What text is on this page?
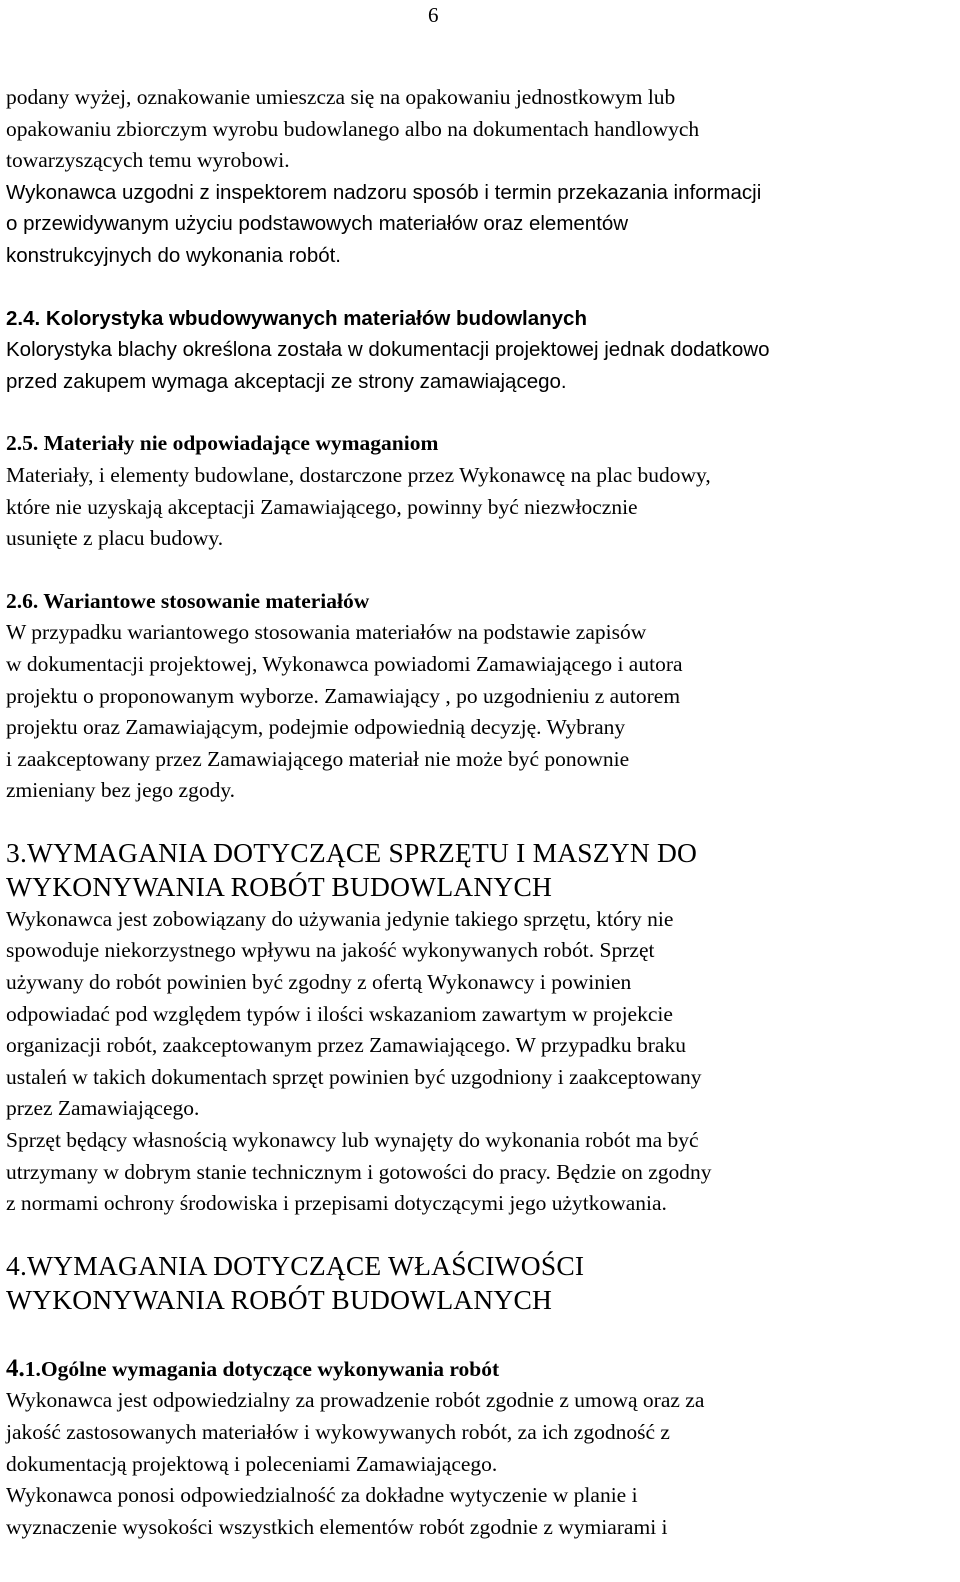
6

podany wyżej, oznakowanie umieszcza się na opakowaniu jednostkowym lub
opakowaniu zbiorczym wyrobu budowlanego albo na dokumentach handlowych
towarzyszących temu wyrobowi.

Wykonawca uzgodni z inspektorem nadzoru sposób i termin przekazania informacji
o przewidywanym użyciu podstawowych materiałów oraz elementów
konstrukcyjnych do wykonania robót.

2.4. Kolorystyka wbudowywanych materiałów budowlanych

Kolorystyka blachy określona została w dokumentacji projektowej jednak dodatkowo
przed zakupem wymaga akceptacji ze strony zamawiającego.

2.5. Materiały nie odpowiadające wymaganiom

Materiały, i elementy budowlane, dostarczone przez Wykonawcę na plac budowy,
które nie uzyskają akceptacji Zamawiającego, powinny być niezwłocznie
usunięte z placu budowy.

2.6. Wariantowe stosowanie materiałów

W przypadku wariantowego stosowania materiałów na podstawie zapisów
w dokumentacji projektowej, Wykonawca powiadomi Zamawiającego i autora
projektu o proponowanym wyborze. Zamawiający , po uzgodnieniu z autorem
projektu oraz Zamawiającym, podejmie odpowiednią decyzję. Wybrany
i zaakceptowany przez Zamawiającego materiał nie może być ponownie
zmieniany bez jego zgody.

3.WYMAGANIA DOTYCZĄCE SPRZĘTU I MASZYN DO
WYKONYWANIA ROBÓT BUDOWLANYCH

Wykonawca jest zobowiązany do używania jedynie takiego sprzętu, który nie
spowoduje niekorzystnego wpływu na jakość wykonywanych robót. Sprzęt
używany do robót powinien być zgodny z ofertą Wykonawcy i powinien
odpowiadać pod względem typów i ilości wskazaniom zawartym w projekcie
organizacji robót, zaakceptowanym przez Zamawiającego. W przypadku braku
ustaleń w takich dokumentach sprzęt powinien być uzgodniony i zaakceptowany
przez Zamawiającego.
Sprzęt będący własnością wykonawcy lub wynajęty do wykonania robót ma być
utrzymany w dobrym stanie technicznym i gotowości do pracy. Będzie on zgodny
z normami ochrony środowiska i przepisami dotyczącymi jego użytkowania.

4.WYMAGANIA DOTYCZĄCE WŁAŚCIWOŚCI
WYKONYWANIA ROBÓT BUDOWLANYCH
4.1.Ogólne wymagania dotyczące wykonywania robót

Wykonawca jest odpowiedzialny za prowadzenie robót zgodnie z umową oraz za
jakość zastosowanych materiałów i wykowywanych robót, za ich zgodność z
dokumentacją projektową i poleceniami Zamawiającego.
Wykonawca ponosi odpowiedzialność za dokładne wytyczenie w planie i
wyznaczenie wysokości wszystkich elementów robót zgodnie z wymiarami i
